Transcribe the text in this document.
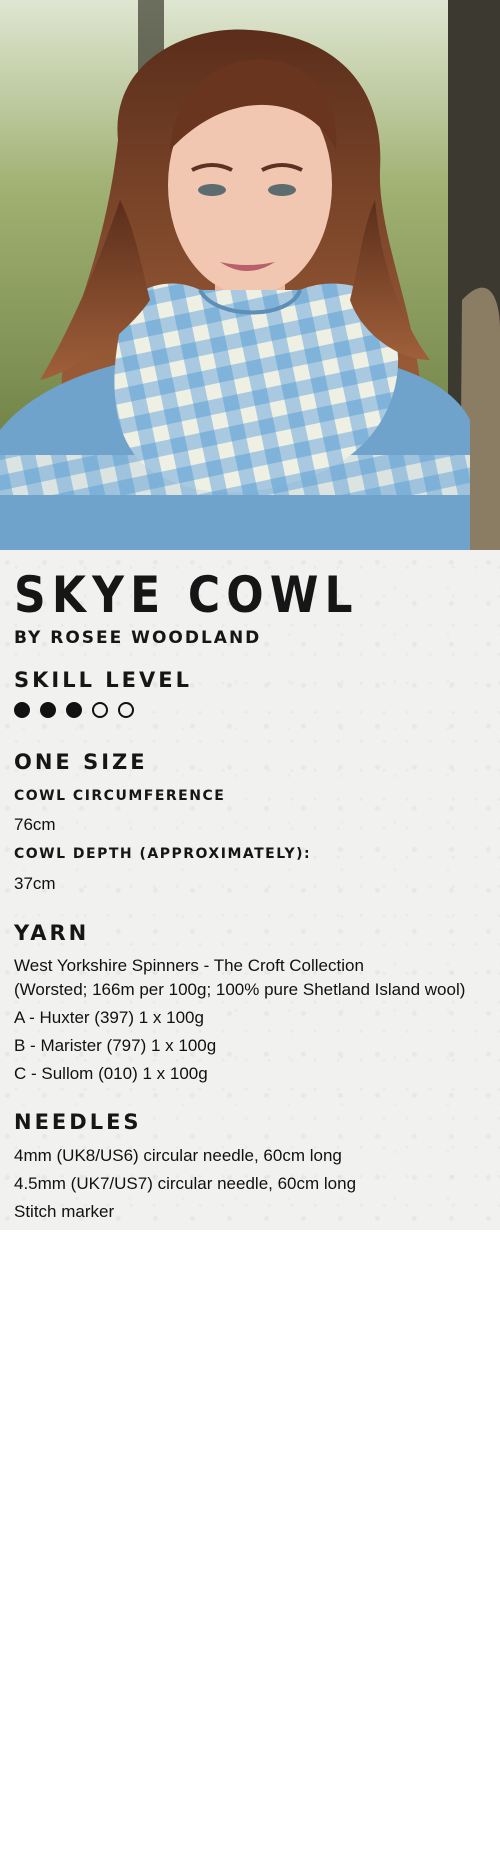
SKYE COWL
BY ROSEE WOODLAND
SKILL LEVEL
ONE SIZE
COWL CIRCUMFERENCE
76cm
COWL DEPTH (APPROXIMATELY):
37cm
YARN
West Yorkshire Spinners - The Croft Collection
(Worsted; 166m per 100g; 100% pure Shetland Island wool)
A - Huxter (397) 1 x 100g
B - Marister (797) 1 x 100g
C - Sullom (010) 1 x 100g
NEEDLES
4mm (UK8/US6) circular needle, 60cm long
4.5mm (UK7/US7) circular needle, 60cm long
Stitch marker
